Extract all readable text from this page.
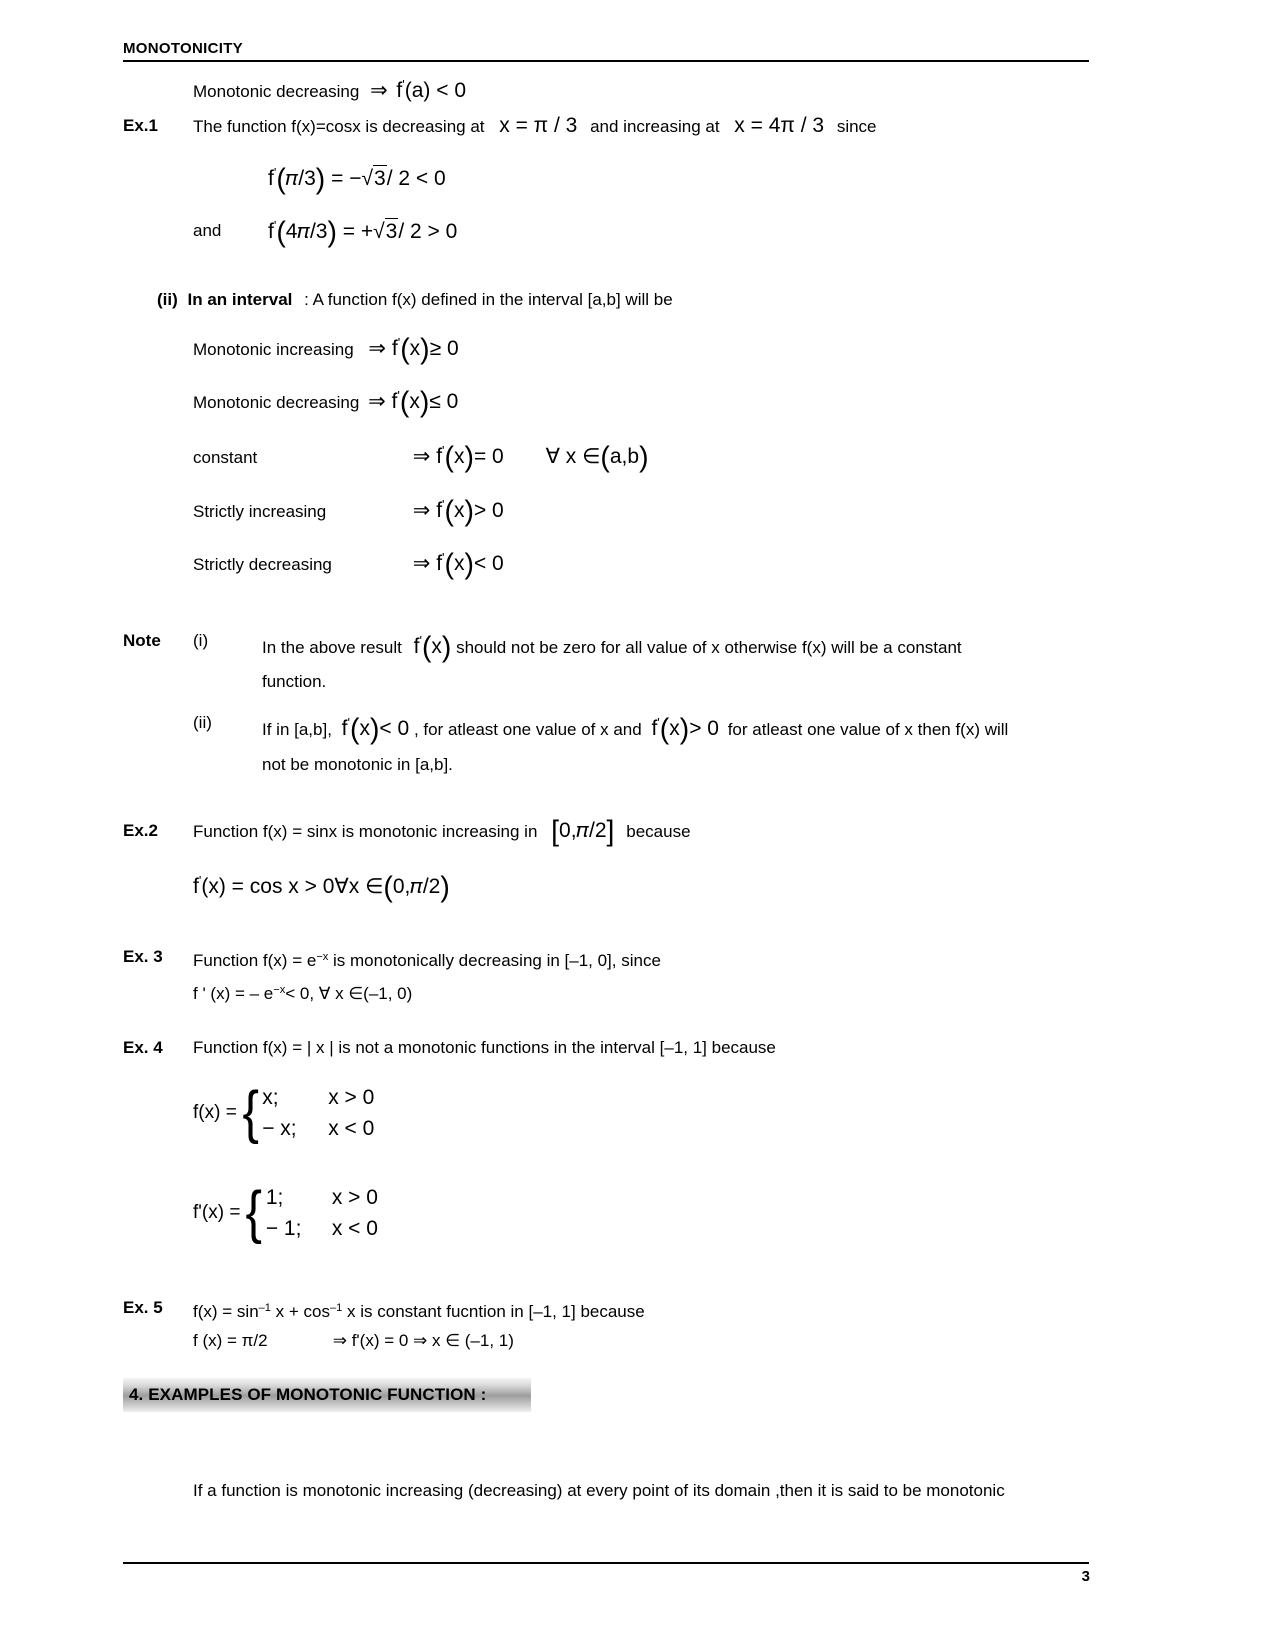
MONOTONICITY
Monotonic decreasing ⇒ f'(a) < 0
Ex.1 The function f(x)=cosx is decreasing at x = π / 3 and increasing at x = 4π / 3 since
f'(𝜋/3) = −√3/ 2 < 0
and f'(4𝜋/3) = +√3/ 2 > 0
(ii) In an interval : A function f(x) defined in the interval [a,b] will be
Monotonic increasing ⇒ f'(x)≥ 0
Monotonic decreasing ⇒ f'(x)≤ 0
constant	⇒ f'(x)= 0 ∀ x ∈(a,b)
Strictly increasing	⇒ f'(x)> 0
Strictly decreasing	⇒ f'(x)< 0
Note (i)	In the above result f'(x) should not be zero for all value of x otherwise f(x) will be a constant
function.
(ii)	If in [a,b], f'(x)< 0 , for atleast one value of x and f'(x)> 0 for atleast one value of x then f(x) will
not be monotonic in [a,b].
Ex.2 Function f(x) = sinx is monotonic increasing in [0,𝜋/2] because
f'(x) = cos x > 0∀x ∈(0,𝜋/2)
Ex. 3 Function $f(x) = e^{-x}$ is monotonically decreasing in [–1, 0], since
f ' (x) = – $e^{-x}< 0$, ∀ x ∈(–1, 0)
Ex. 4 Function f(x) = | x | is not a monotonic functions in the interval [–1, 1] because
f(x) = { x;	x > 0
− x;	x < 0
f'(x) = { 1;	x > 0
− 1;	x < 0
Ex. 5 $f(x) = \sin^{-1} x + \cos^{-1} x$ is constant fucntion in [–1, 1] because
f (x) = π/2	⇒ f'(x) = 0 ⇒ x ∈ (–1, 1)
4. EXAMPLES OF MONOTONIC FUNCTION :
If a function is monotonic increasing (decreasing) at every point of its domain ,then it is said to be monotonic
3
